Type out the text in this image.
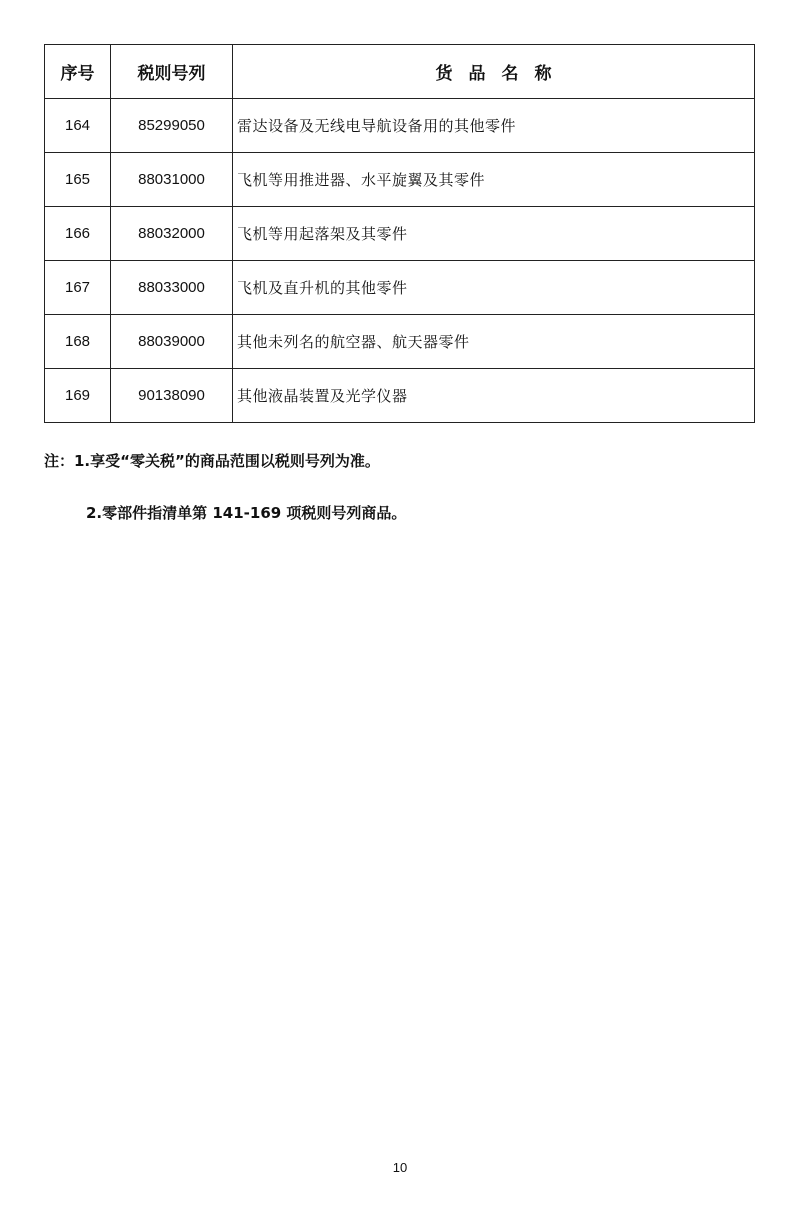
序号	税则号列	货品名称
164	85299050	雷达设备及无线电导航设备用的其他零件
165	88031000	飞机等用推进器、水平旋翼及其零件
166	88032000	飞机等用起落架及其零件
167	88033000	飞机及直升机的其他零件
168	88039000	其他未列名的航空器、航天器零件
169	90138090	其他液晶装置及光学仪器

注：1.享受“零关税”的商品范围以税则号列为准。

2.零部件指清单第 141-169 项税则号列商品。

10
